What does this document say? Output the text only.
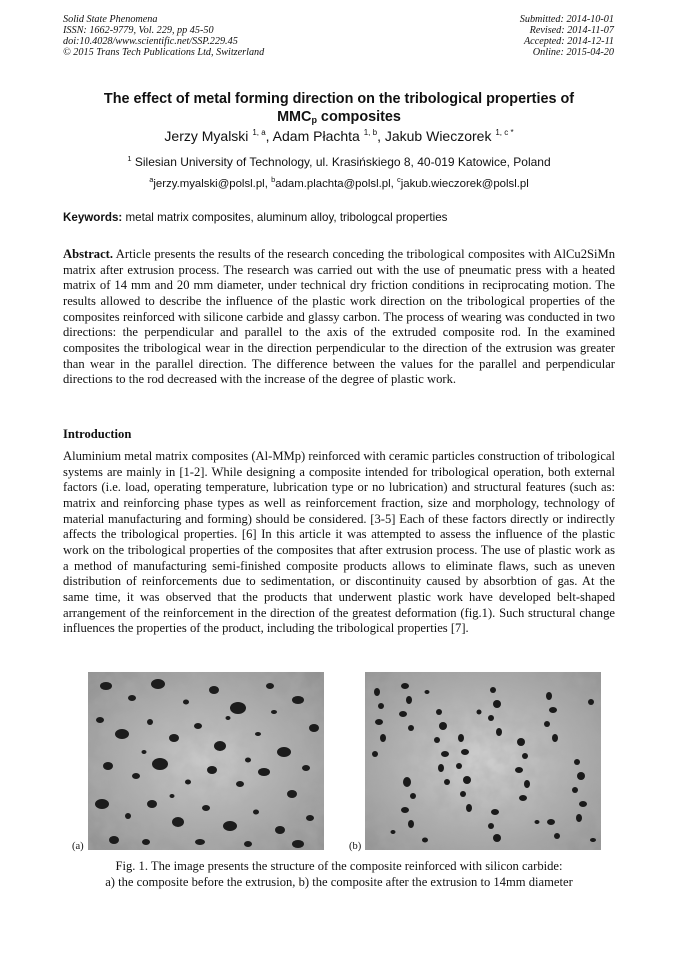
Solid State Phenomena
ISSN: 1662-9779, Vol. 229, pp 45-50
doi:10.4028/www.scientific.net/SSP.229.45
© 2015 Trans Tech Publications Ltd, Switzerland
Submitted: 2014-10-01
Revised: 2014-11-07
Accepted: 2014-12-11
Online: 2015-04-20
The effect of metal forming direction on the tribological properties of
$MMC_p$ composites
Jerzy Myalski $^{1, a}$, Adam Płachta $^{1, b}$, Jakub Wieczorek $^{1, c *}$
$^1$ Silesian University of Technology, ul. Krasińskiego 8, 40-019 Katowice, Poland
$^a$jerzy.myalski@polsl.pl, $^b$adam.plachta@polsl.pl, $^c$jakub.wieczorek@polsl.pl
Keywords: metal matrix composites, aluminum alloy, tribologcal properties
Abstract. Article presents the results of the research conceding the tribological composites with AlCu2SiMn matrix after extrusion process. The research was carried out with the use of pneumatic press with a heated matrix of 14 mm and 20 mm diameter, under technical dry friction conditions in reciprocating motion. The results allowed to describe the influence of the plastic work direction on the tribological properties of the composites reinforced with silicone carbide and glassy carbon. The process of wearing was conducted in two directions: the perpendicular and parallel to the axis of the extruded composite rod. In the examined composites the tribological wear in the direction perpendicular to the direction of the extrusion was greater than wear in the parallel direction. The difference between the values for the parallel and perpendicular directions to the rod decreased with the increase of the degree of plastic work.
Introduction
Aluminium metal matrix composites (Al-MMp) reinforced with ceramic particles construction of tribological systems are mainly in [1-2]. While designing a composite intended for tribological operation, both external factors (i.e. load, operating temperature, lubrication type or no lubrication) and structural features (such as: matrix and reinforcing phase types as well as reinforcement fraction, size and morphology, technology of material manufacturing and forming) should be considered. [3-5] Each of these factors directly or indirectly affects the tribological properties. [6] In this article it was attempted to assess the influence of the plastic work on the tribological properties of the composites that after extrusion process. The use of plastic work as a method of manufacturing semi-finished composite products allows to eliminate flaws, such as uneven distribution of reinforcements due to sedimentation, or discontinuity caused by absorbtion of gas. At the same time, it was observed that the products that underwent plastic work have developed belt-shaped arrangement of the reinforcement in the direction of the greatest deformation (fig.1). Such structural change influences the properties of the product, including the tribological properties [7].
(a)	(b)
Fig. 1. The image presents the structure of the composite reinforced with silicon carbide:
a) the composite before the extrusion, b) the composite after the extrusion to 14mm diameter
